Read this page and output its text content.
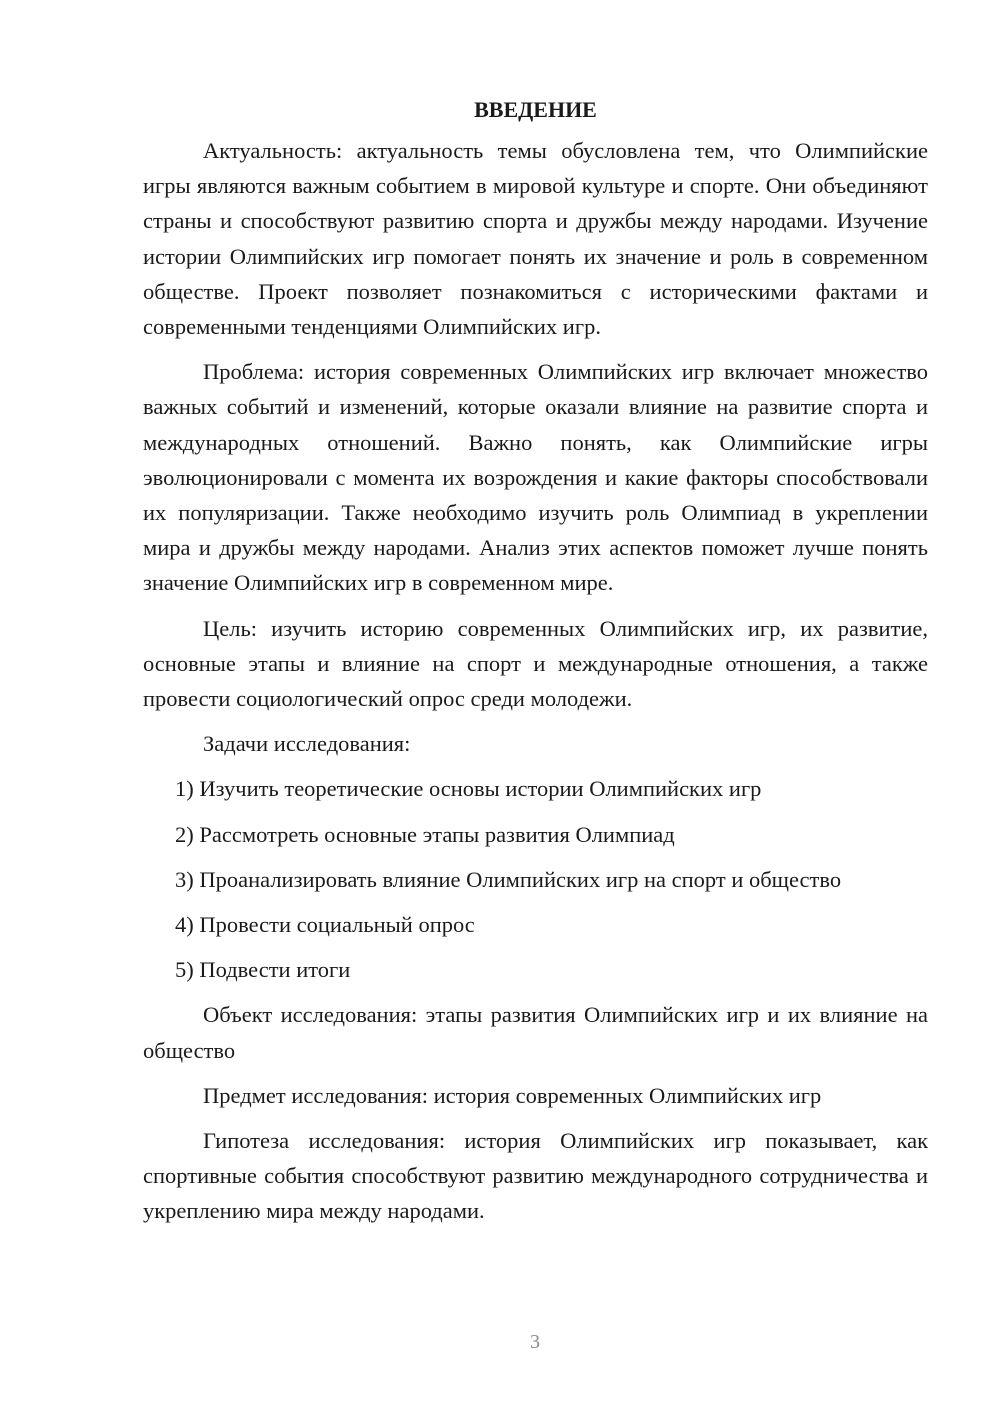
ВВЕДЕНИЕ

Актуальность: актуальность темы обусловлена тем, что Олимпийские игры являются важным событием в мировой культуре и спорте. Они объединяют страны и способствуют развитию спорта и дружбы между народами. Изучение истории Олимпийских игр помогает понять их значение и роль в современном обществе. Проект позволяет познакомиться с историческими фактами и современными тенденциями Олимпийских игр.

Проблема: история современных Олимпийских игр включает множество важных событий и изменений, которые оказали влияние на развитие спорта и международных отношений. Важно понять, как Олимпийские игры эволюционировали с момента их возрождения и какие факторы способствовали их популяризации. Также необходимо изучить роль Олимпиад в укреплении мира и дружбы между народами. Анализ этих аспектов поможет лучше понять значение Олимпийских игр в современном мире.

Цель: изучить историю современных Олимпийских игр, их развитие, основные этапы и влияние на спорт и международные отношения, а также провести социологический опрос среди молодежи.

Задачи исследования:

1) Изучить теоретические основы истории Олимпийских игр

2) Рассмотреть основные этапы развития Олимпиад

3) Проанализировать влияние Олимпийских игр на спорт и общество

4) Провести социальный опрос

5) Подвести итоги

Объект исследования: этапы развития Олимпийских игр и их влияние на общество

Предмет исследования: история современных Олимпийских игр

Гипотеза исследования: история Олимпийских игр показывает, как спортивные события способствуют развитию международного сотрудничества и укреплению мира между народами.

3
